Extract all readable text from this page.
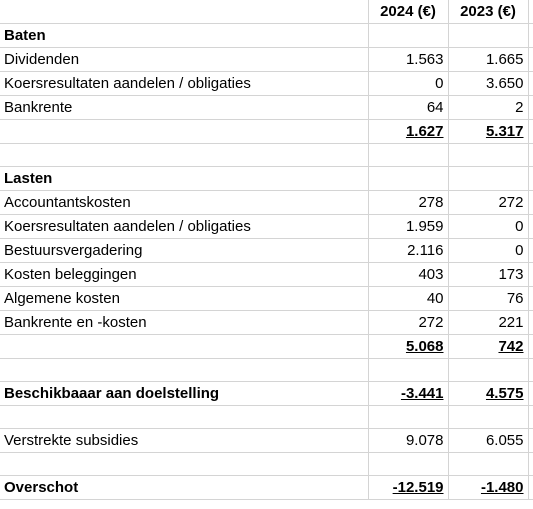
	2024 (€)	2023 (€)	
Baten			
Dividenden	1.563	1.665	
Koersresultaten aandelen / obligaties	0	3.650	
Bankrente	64	2	
	1.627	5.317	

Lasten			
Accountantskosten	278	272	
Koersresultaten aandelen / obligaties	1.959	0	
Bestuursvergadering	2.116	0	
Kosten beleggingen	403	173	
Algemene kosten	40	76	
Bankrente en -kosten	272	221	
	5.068	742	

Beschikbaaar aan doelstelling	-3.441	4.575	

Verstrekte subsidies	9.078	6.055	

Overschot	-12.519	-1.480	
